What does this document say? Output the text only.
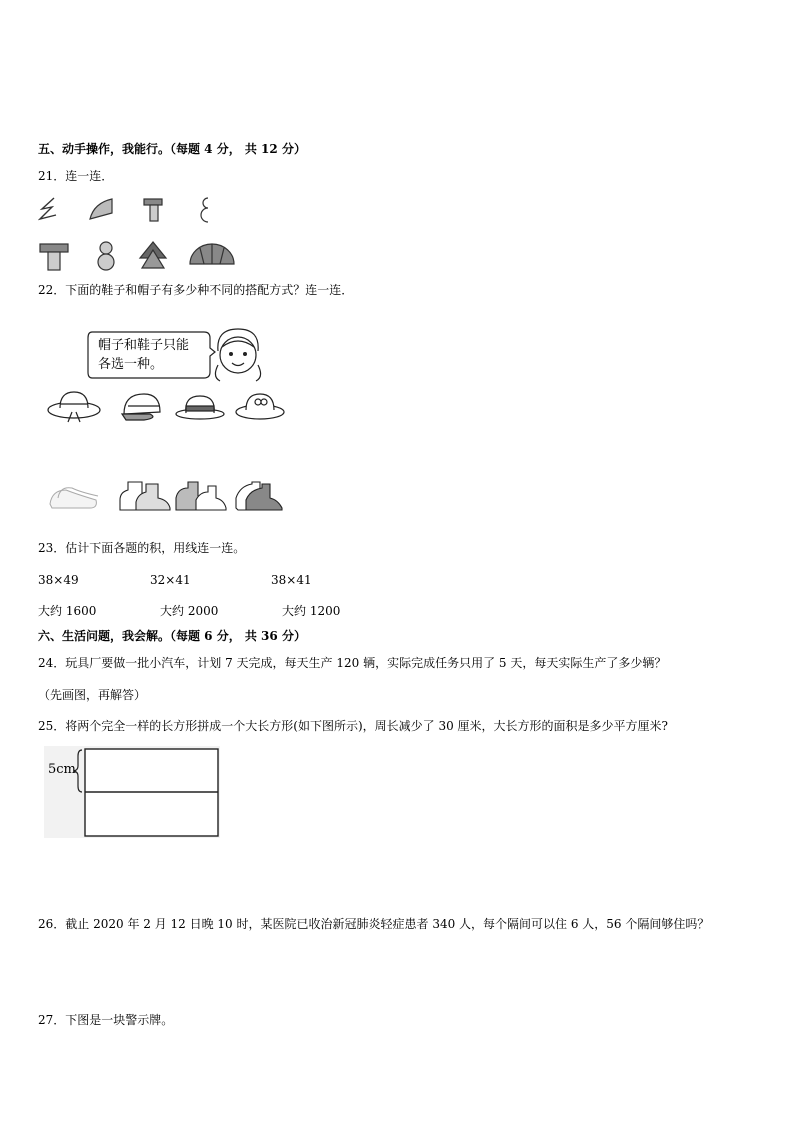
五、动手操作，我能行。（每题 4 分， 共 12 分）
21．连一连．
22．下面的鞋子和帽子有多少种不同的搭配方式？连一连．
帽子和鞋子只能
各选一种。
23．估计下面各题的积，用线连一连。
38×49	32×41	38×41
大约 1600	大约 2000	大约 1200
六、生活问题，我会解。（每题 6 分， 共 36 分）
24．玩具厂要做一批小汽车，计划 7 天完成，每天生产 120 辆，实际完成任务只用了 5 天，每天实际生产了多少辆？
（先画图，再解答）
25．将两个完全一样的长方形拼成一个大长方形(如下图所示)，周长减少了 30 厘米，大长方形的面积是多少平方厘米?
5cm
26．截止 2020 年 2 月 12 日晚 10 时，某医院已收治新冠肺炎轻症患者 340 人，每个隔间可以住 6 人，56 个隔间够住吗？
27．下图是一块警示牌。
